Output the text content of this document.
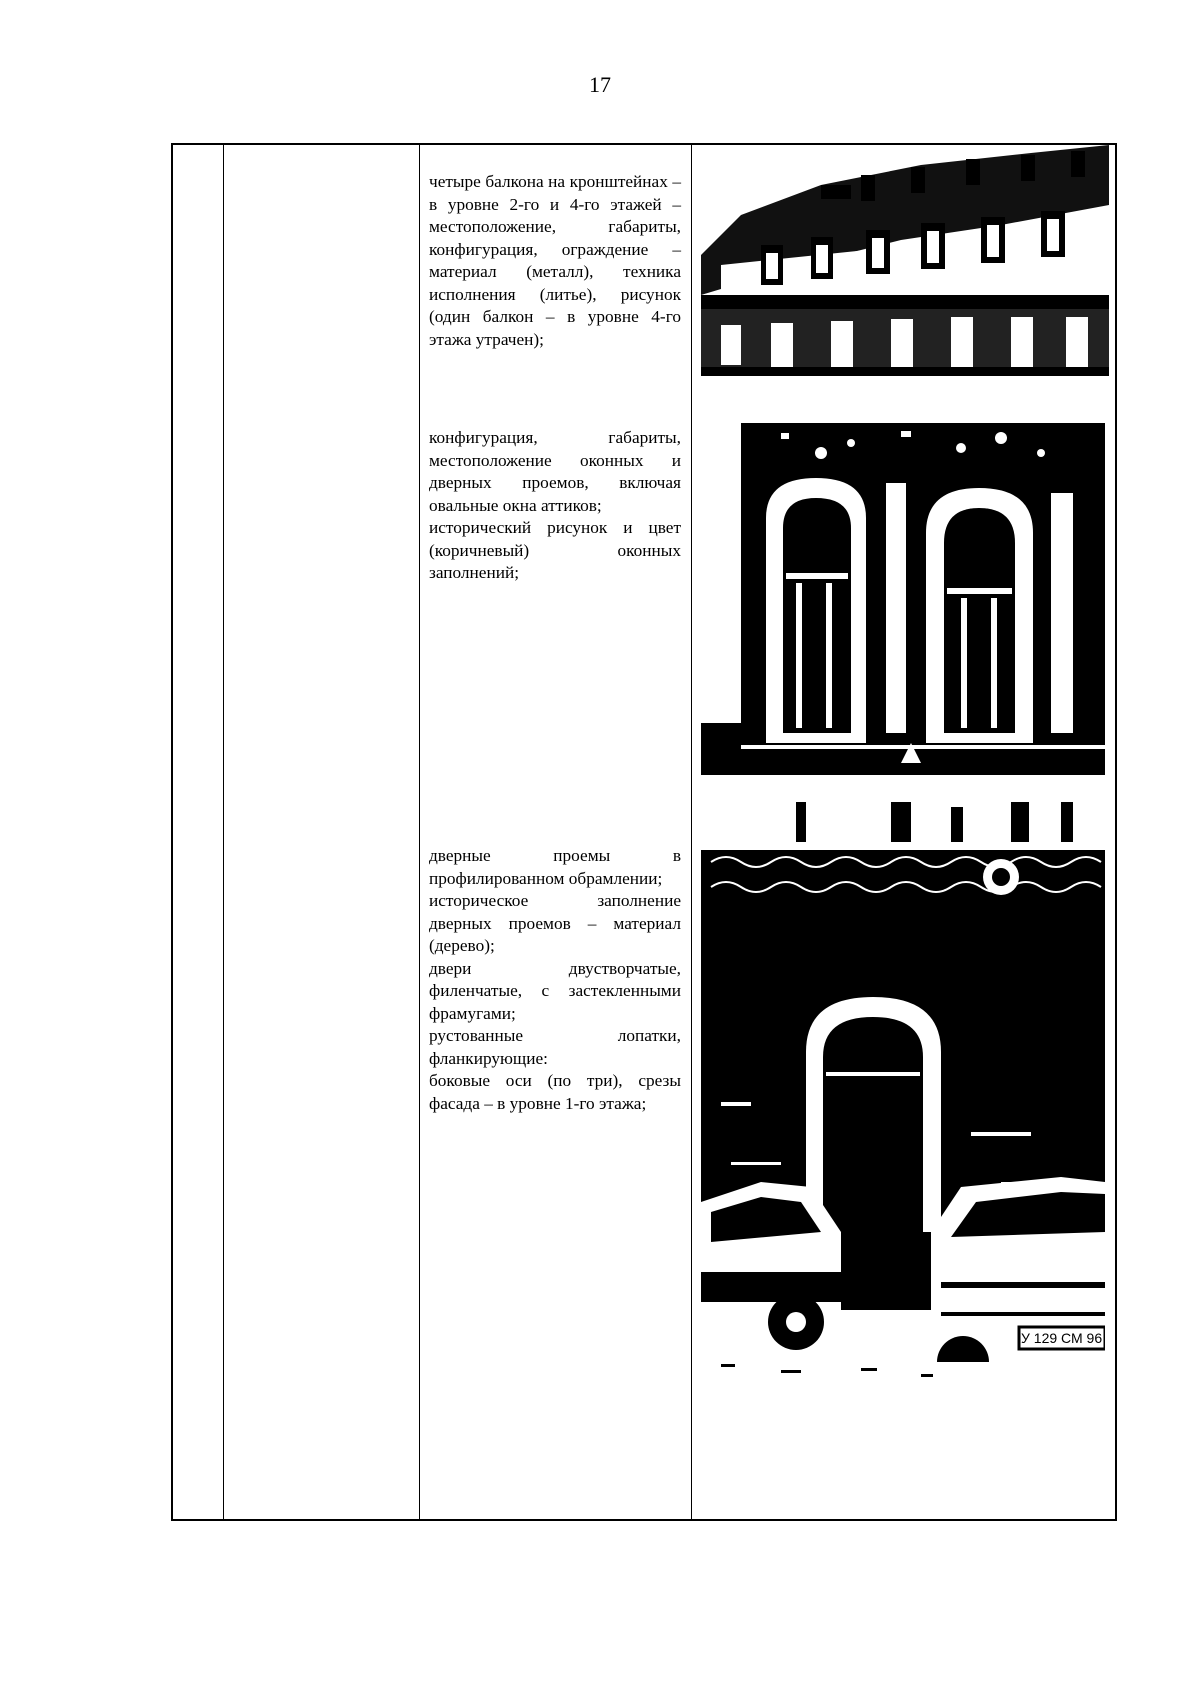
17

четыре балкона на кронштейнах – в уровне 2-го и 4-го этажей – местоположение, габариты, конфигурация, ограждение – материал (металл), техника исполнения (литье), рисунок (один балкон – в уровне 4-го этажа утрачен);

конфигурация, габариты, местоположение оконных и дверных проемов, включая овальные окна аттиков;

исторический рисунок и цвет (коричневый) оконных заполнений;

дверные проемы в профилированном обрамлении;

историческое заполнение дверных проемов – материал (дерево);

двери двустворчатые, филенчатые, с застекленными фрамугами;

рустованные лопатки, фланкирующие:

боковые оси (по три), срезы фасада – в уровне 1-го этажа;

У 129 СМ 96
